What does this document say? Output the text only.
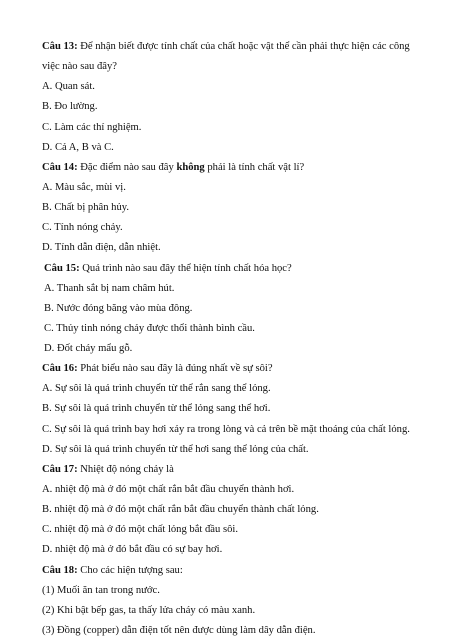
Câu 13: Để nhận biết được tính chất của chất hoặc vật thể cần phải thực hiện các công
việc nào sau đây?
A. Quan sát.
B. Đo lường.
C. Làm các thí nghiệm.
D. Cả A, B và C.
Câu 14: Đặc điểm nào sau đây không phải là tính chất vật lí?
A. Màu sắc, mùi vị.
B. Chất bị phân hủy.
C. Tính nóng chảy.
D. Tính dẫn điện, dẫn nhiệt.
Câu 15: Quá trình nào sau đây thể hiện tính chất hóa học?
A. Thanh sắt bị nam châm hút.
B. Nước đóng băng vào mùa đông.
C. Thủy tinh nóng chảy được thổi thành bình cầu.
D. Đốt cháy mẩu gỗ.
Câu 16: Phát biểu nào sau đây là đúng nhất về sự sôi?
A. Sự sôi là quá trình chuyển từ thể rắn sang thể lỏng.
B. Sự sôi là quá trình chuyển từ thể lỏng sang thể hơi.
C. Sự sôi là quá trình bay hơi xảy ra trong lòng và cả trên bề mặt thoáng của chất lỏng.
D. Sự sôi là quá trình chuyển từ thể hơi sang thể lỏng của chất.
Câu 17: Nhiệt độ nóng chảy là
A. nhiệt độ mà ở đó một chất rắn bắt đầu chuyển thành hơi.
B. nhiệt độ mà ở đó một chất rắn bắt đầu chuyển thành chất lỏng.
C. nhiệt độ mà ở đó một chất lỏng bắt đầu sôi.
D. nhiệt độ mà ở đó bắt đầu có sự bay hơi.
Câu 18: Cho các hiện tượng sau:
(1) Muối ăn tan trong nước.
(2) Khi bật bếp gas, ta thấy lửa cháy có màu xanh.
(3) Đồng (copper) dẫn điện tốt nên được dùng làm dây dẫn điện.
